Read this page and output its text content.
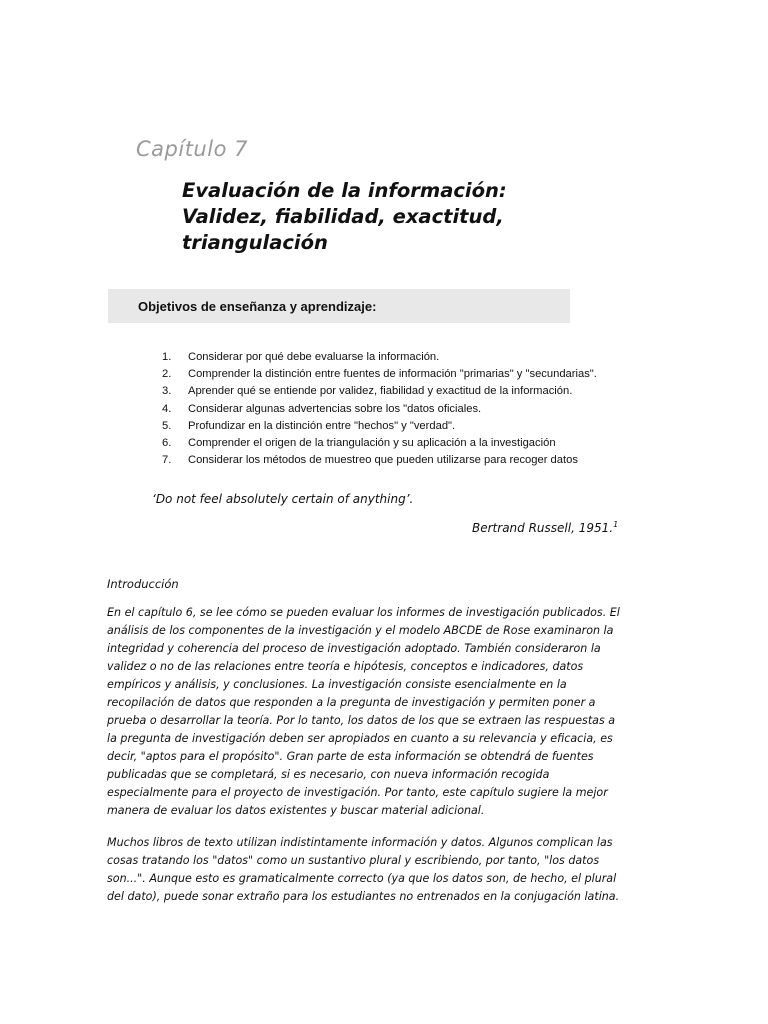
Capítulo 7
Evaluación de la información:
Validez, fiabilidad, exactitud,
triangulación
Objetivos de enseñanza y aprendizaje:
1. Considerar por qué debe evaluarse la información.
2. Comprender la distinción entre fuentes de información "primarias" y "secundarias".
3. Aprender qué se entiende por validez, fiabilidad y exactitud de la información.
4. Considerar algunas advertencias sobre los "datos oficiales.
5. Profundizar en la distinción entre "hechos" y "verdad".
6. Comprender el origen de la triangulación y su aplicación a la investigación
7. Considerar los métodos de muestreo que pueden utilizarse para recoger datos
‘Do not feel absolutely certain of anything’.
Bertrand Russell, 1951.$^1$
Introducción
En el capítulo 6, se lee cómo se pueden evaluar los informes de investigación publicados. El
análisis de los componentes de la investigación y el modelo ABCDE de Rose examinaron la
integridad y coherencia del proceso de investigación adoptado. También consideraron la
validez o no de las relaciones entre teoría e hipótesis, conceptos e indicadores, datos
empíricos y análisis, y conclusiones. La investigación consiste esencialmente en la
recopilación de datos que responden a la pregunta de investigación y permiten poner a
prueba o desarrollar la teoría. Por lo tanto, los datos de los que se extraen las respuestas a
la pregunta de investigación deben ser apropiados en cuanto a su relevancia y eficacia, es
decir, "aptos para el propósito". Gran parte de esta información se obtendrá de fuentes
publicadas que se completará, si es necesario, con nueva información recogida
especialmente para el proyecto de investigación. Por tanto, este capítulo sugiere la mejor
manera de evaluar los datos existentes y buscar material adicional.
Muchos libros de texto utilizan indistintamente información y datos. Algunos complican las
cosas tratando los "datos" como un sustantivo plural y escribiendo, por tanto, "los datos
son...". Aunque esto es gramaticalmente correcto (ya que los datos son, de hecho, el plural
del dato), puede sonar extraño para los estudiantes no entrenados en la conjugación latina.
